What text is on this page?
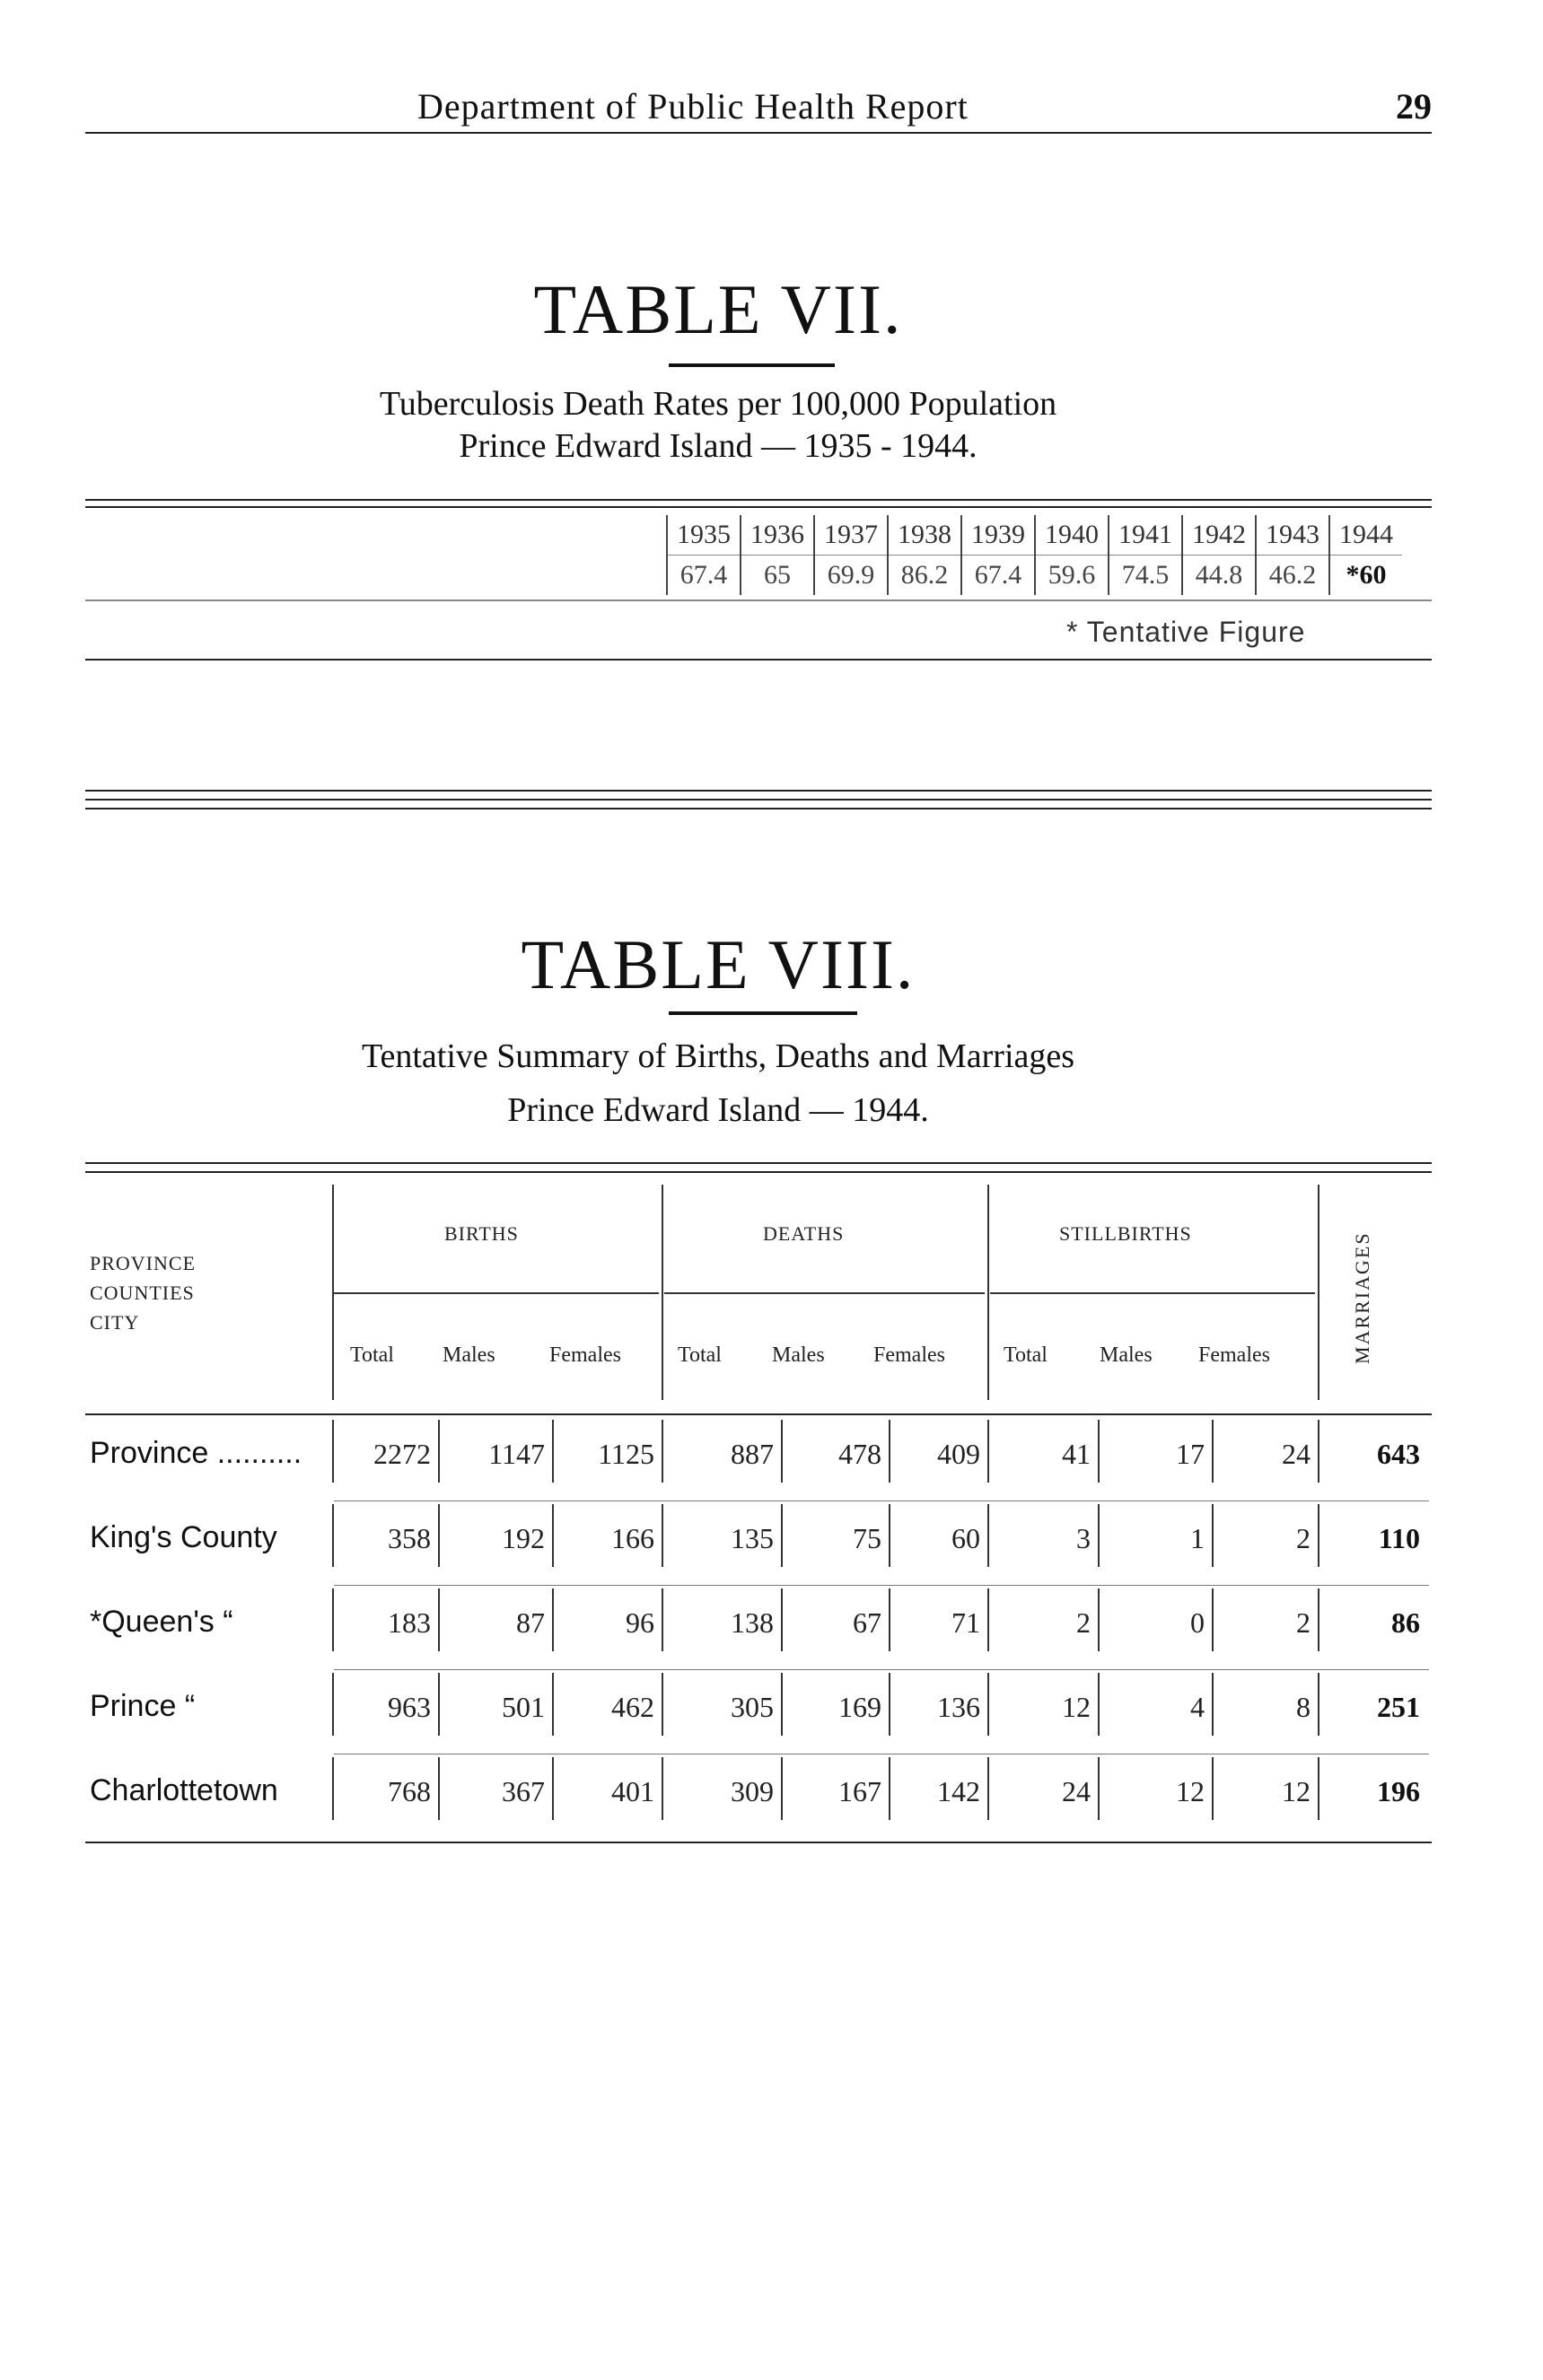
Department of Public Health Report	29
TABLE VII.
Tuberculosis Death Rates per 100,000 Population
Prince Edward Island — 1935 - 1944.
1935	1936	1937	1938	1939	1940	1941	1942	1943	1944
67.4	65	69.9	86.2	67.4	59.6	74.5	44.8	46.2	*60
* Tentative Figure
TABLE VIII.
Tentative Summary of Births, Deaths and Marriages
Prince Edward Island — 1944.
PROVINCE
COUNTIES
CITY
BIRTHS	DEATHS	STILLBIRTHS
Total Males	Females	Total Males Females	Total Males Females	MARRIAGES
Province ..........	2272	1147	1125	887	478	409	41	17	24	643
King's County	358	192	166	135	75	60	3	1	2	110
*Queen's “	183	87	96	138	67	71	2	0	2	86
Prince “	963	501	462	305	169	136	12	4	8	251
Charlottetown	768	367	401	309	167	142	24	12	12	196
